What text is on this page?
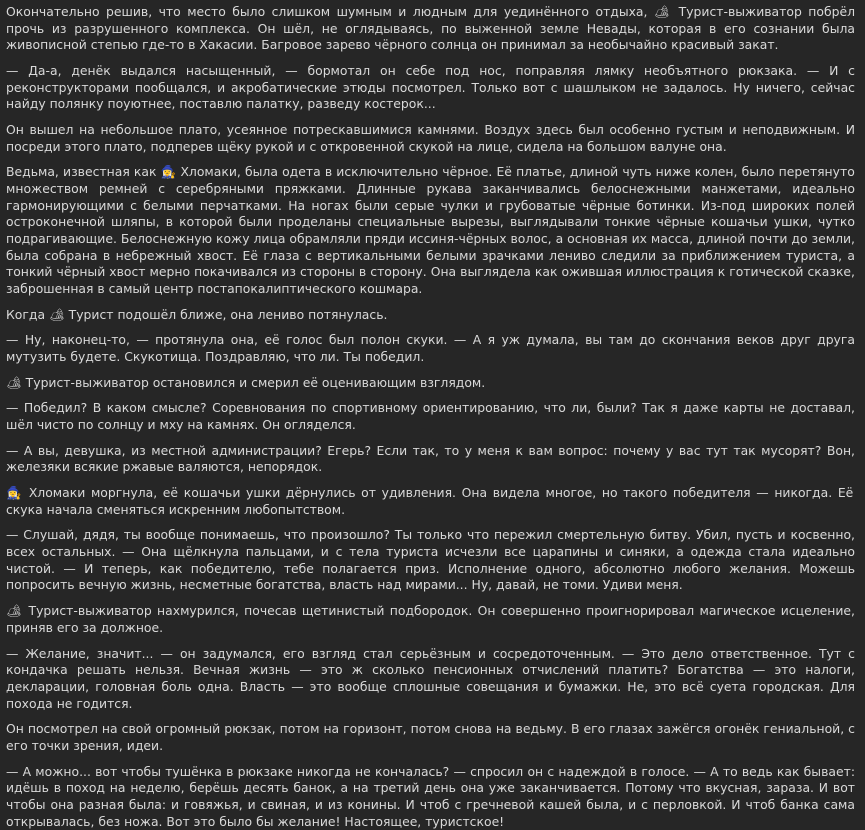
Окончательно решив, что место было слишком шумным и людным для уединённого отдыха, 🏕 Турист-выживатор побрёл прочь из разрушенного комплекса. Он шёл, не оглядываясь, по выженной земле Невады, которая в его сознании была живописной степью где-то в Хакасии. Багровое зарево чёрного солнца он принимал за необычайно красивый закат.

— Да-а, денёк выдался насыщенный, — бормотал он себе под нос, поправляя лямку необъятного рюкзака. — И с реконструкторами пообщался, и акробатические этюды посмотрел. Только вот с шашлыком не задалось. Ну ничего, сейчас найду полянку поуютнее, поставлю палатку, разведу костерок...

Он вышел на небольшое плато, усеянное потрескавшимися камнями. Воздух здесь был особенно густым и неподвижным. И посреди этого плато, подперев щёку рукой и с откровенной скукой на лице, сидела на большом валуне она.

Ведьма, известная как 🧙‍♀️ Хломаки, была одета в исключительно чёрное. Её платье, длиной чуть ниже колен, было перетянуто множеством ремней с серебряными пряжками. Длинные рукава заканчивались белоснежными манжетами, идеально гармонирующими с белыми перчатками. На ногах были серые чулки и грубоватые чёрные ботинки. Из-под широких полей остроконечной шляпы, в которой были проделаны специальные вырезы, выглядывали тонкие чёрные кошачьи ушки, чутко подрагивающие. Белоснежную кожу лица обрамляли пряди иссиня-чёрных волос, а основная их масса, длиной почти до земли, была собрана в небрежный хвост. Её глаза с вертикальными белыми зрачками лениво следили за приближением туриста, а тонкий чёрный хвост мерно покачивался из стороны в сторону. Она выглядела как ожившая иллюстрация к готической сказке, заброшенная в самый центр постапокалиптического кошмара.

Когда 🏕 Турист подошёл ближе, она лениво потянулась.

— Ну, наконец-то, — протянула она, её голос был полон скуки. — А я уж думала, вы там до скончания веков друг друга мутузить будете. Скукотища. Поздравляю, что ли. Ты победил.

🏕 Турист-выживатор остановился и смерил её оценивающим взглядом.

— Победил? В каком смысле? Соревнования по спортивному ориентированию, что ли, были? Так я даже карты не доставал, шёл чисто по солнцу и мху на камнях. Он огляделся.

— А вы, девушка, из местной администрации? Егерь? Если так, то у меня к вам вопрос: почему у вас тут так мусорят? Вон, железяки всякие ржавые валяются, непорядок.

🧙‍♀️ Хломаки моргнула, её кошачьи ушки дёрнулись от удивления. Она видела многое, но такого победителя — никогда. Её скука начала сменяться искренним любопытством.

— Слушай, дядя, ты вообще понимаешь, что произошло? Ты только что пережил смертельную битву. Убил, пусть и косвенно, всех остальных. — Она щёлкнула пальцами, и с тела туриста исчезли все царапины и синяки, а одежда стала идеально чистой. — И теперь, как победителю, тебе полагается приз. Исполнение одного, абсолютно любого желания. Можешь попросить вечную жизнь, несметные богатства, власть над мирами... Ну, давай, не томи. Удиви меня.

🏕 Турист-выживатор нахмурился, почесав щетинистый подбородок. Он совершенно проигнорировал магическое исцеление, приняв его за должное.

— Желание, значит... — он задумался, его взгляд стал серьёзным и сосредоточенным. — Это дело ответственное. Тут с кондачка решать нельзя. Вечная жизнь — это ж сколько пенсионных отчислений платить? Богатства — это налоги, декларации, головная боль одна. Власть — это вообще сплошные совещания и бумажки. Не, это всё суета городская. Для похода не годится.

Он посмотрел на свой огромный рюкзак, потом на горизонт, потом снова на ведьму. В его глазах зажёгся огонёк гениальной, с его точки зрения, идеи.

— А можно... вот чтобы тушёнка в рюкзаке никогда не кончалась? — спросил он с надеждой в голосе. — А то ведь как бывает: идёшь в поход на неделю, берёшь десять банок, а на третий день она уже заканчивается. Потому что вкусная, зараза. И вот чтобы она разная была: и говяжья, и свиная, и из конины. И чтоб с гречневой кашей была, и с перловкой. И чтоб банка сама открывалась, без ножа. Вот это было бы желание! Настоящее, туристское!
